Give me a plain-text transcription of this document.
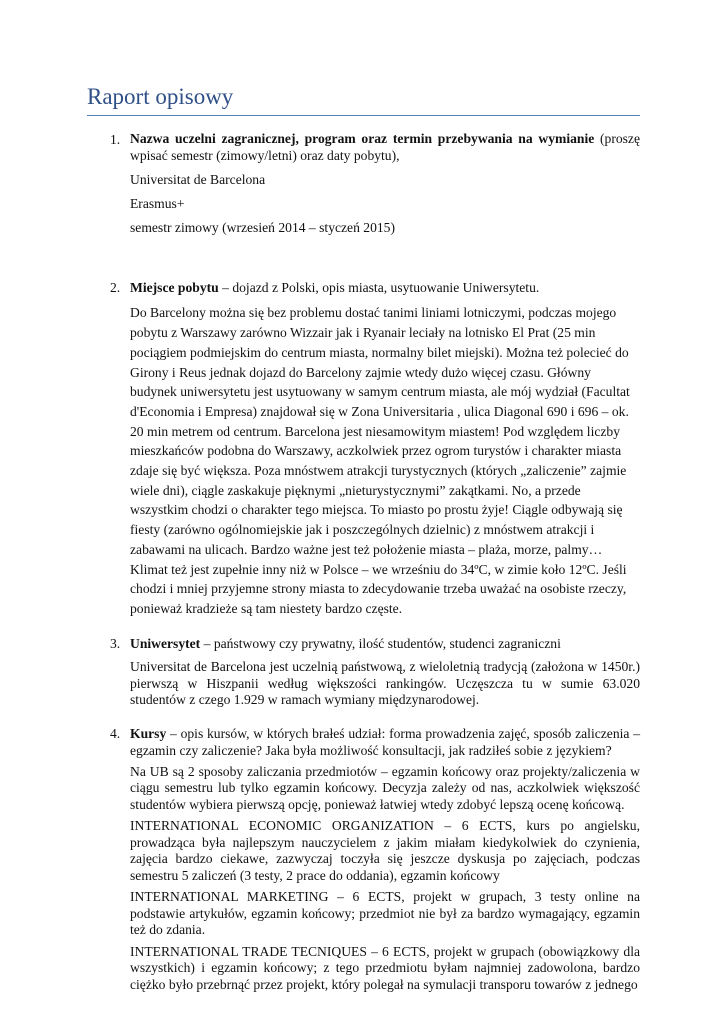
Raport opisowy
1. Nazwa uczelni zagranicznej, program oraz termin przebywania na wymianie (proszę wpisać semestr (zimowy/letni) oraz daty pobytu),

Universitat de Barcelona

Erasmus+

semestr zimowy (wrzesień 2014 – styczeń 2015)

2. Miejsce pobytu – dojazd z Polski, opis miasta, usytuowanie Uniwersytetu.

Do Barcelony można się bez problemu dostać tanimi liniami lotniczymi, podczas mojego pobytu z Warszawy zarówno Wizzair jak i Ryanair leciały na lotnisko El Prat (25 min pociągiem podmiejskim do centrum miasta, normalny bilet miejski). Można też polecieć do Girony i Reus jednak dojazd do Barcelony zajmie wtedy dużo więcej czasu. Główny budynek uniwersytetu jest usytuowany w samym centrum miasta, ale mój wydział (Facultat d'Economia i Empresa) znajdował się w Zona Universitaria , ulica Diagonal 690 i 696 – ok. 20 min metrem od centrum. Barcelona jest niesamowitym miastem! Pod względem liczby mieszkańców podobna do Warszawy, aczkolwiek przez ogrom turystów i charakter miasta zdaje się być większa. Poza mnóstwem atrakcji turystycznych (których „zaliczenie” zajmie wiele dni), ciągle zaskakuje pięknymi „nieturystycznymi” zakątkami. No, a przede wszystkim chodzi o charakter tego miejsca. To miasto po prostu żyje! Ciągle odbywają się fiesty (zarówno ogólnomiejskie jak i poszczególnych dzielnic) z mnóstwem atrakcji i zabawami na ulicach. Bardzo ważne jest też położenie miasta – plaża, morze, palmy… Klimat też jest zupełnie inny niż w Polsce – we wrześniu do 34ºC, w zimie koło 12ºC. Jeśli chodzi i mniej przyjemne strony miasta to zdecydowanie trzeba uważać na osobiste rzeczy, ponieważ kradzieże są tam niestety bardzo częste.

3. Uniwersytet – państwowy czy prywatny, ilość studentów, studenci zagraniczni

Universitat de Barcelona jest uczelnią państwową, z wieloletnią tradycją (założona w 1450r.) pierwszą w Hiszpanii według większości rankingów. Uczęszcza tu w sumie 63.020 studentów z czego 1.929 w ramach wymiany międzynarodowej.

4. Kursy – opis kursów, w których brałeś udział: forma prowadzenia zajęć, sposób zaliczenia – egzamin czy zaliczenie? Jaka była możliwość konsultacji, jak radziłeś sobie z językiem?

Na UB są 2 sposoby zaliczania przedmiotów – egzamin końcowy oraz projekty/zaliczenia w ciągu semestru lub tylko egzamin końcowy. Decyzja zależy od nas, aczkolwiek większość studentów wybiera pierwszą opcję, ponieważ łatwiej wtedy zdobyć lepszą ocenę końcową.

INTERNATIONAL ECONOMIC ORGANIZATION – 6 ECTS, kurs po angielsku, prowadząca była najlepszym nauczycielem z jakim miałam kiedykolwiek do czynienia, zajęcia bardzo ciekawe, zazwyczaj toczyła się jeszcze dyskusja po zajęciach, podczas semestru 5 zaliczeń (3 testy, 2 prace do oddania), egzamin końcowy

INTERNATIONAL MARKETING – 6 ECTS, projekt w grupach, 3 testy online na podstawie artykułów, egzamin końcowy; przedmiot nie był za bardzo wymagający, egzamin też do zdania.

INTERNATIONAL TRADE TECNIQUES – 6 ECTS, projekt w grupach (obowiązkowy dla wszystkich) i egzamin końcowy; z tego przedmiotu byłam najmniej zadowolona, bardzo ciężko było przebrnąć przez projekt, który polegał na symulacji transporu towarów z jednego
